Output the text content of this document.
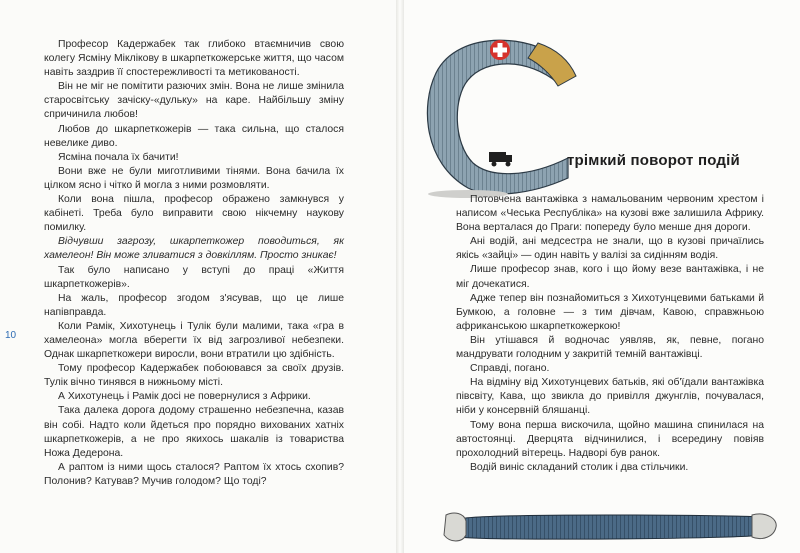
10

Професор Кадержабек так глибоко втаємничив свою колегу Ясміну Міклікову в шкарпеткожерське життя, що часом навіть заздрив її спостережливості та метикованості.

Він не міг не помітити разючих змін. Вона не лише змінила старосвітську зачіску-«дульку» на каре. Найбільшу зміну спричинила любов!

Любов до шкарпеткожерів — така сильна, що сталося невелике диво.

Ясміна почала їх бачити!

Вони вже не були миготливими тінями. Вона бачила їх цілком ясно і чітко й могла з ними розмовляти.

Коли вона пішла, професор ображено замкнувся у кабінеті. Треба було виправити свою нікчемну наукову помилку.

Відчувши загрозу, шкарпеткожер поводиться, як хамелеон! Він може зливатися з довкіллям. Просто зникає!

Так було написано у вступі до праці «Життя шкарпеткожерів».

На жаль, професор згодом з'ясував, що це лише напівправда.

Коли Рамік, Хихотунець і Тулік були малими, така «гра в хамелеона» могла вберегти їх від загрозливої небезпеки. Однак шкарпеткожери виросли, вони втратили цю здібність.

Тому професор Кадержабек побоювався за своїх друзів. Тулік вічно тинявся в нижньому місті.

А Хихотунець і Рамік досі не повернулися з Африки.

Така далека дорога додому страшенно небезпечна, казав він собі. Надто коли йдеться про порядно вихованих хатніх шкарпеткожерів, а не про якихось шакалів із товариства Ножа Дедерона.

А раптом із ними щось сталося? Раптом їх хтось схопив? Полонив? Катував? Мучив голодом? Що тоді?

трімкий поворот подій

Потовчена вантажівка з намальованим червоним хрестом і написом «Чеська Республіка» на кузові вже залишила Африку. Вона верталася до Праги: попереду було менше дня дороги.

Ані водій, ані медсестра не знали, що в кузові причаїлись якісь «зайці» — один навіть у валізі за сидінням водія.

Лише професор знав, кого і що йому везе вантажівка, і не міг дочекатися.

Адже тепер він познайомиться з Хихотунцевими батьками й Бумкою, а головне — з тим дівчам, Кавою, справжньою африканською шкарпеткожеркою!

Він утішався й водночас уявляв, як, певне, погано мандрувати голодним у закритій темній вантажівці.

Справді, погано.

На відміну від Хихотунцевих батьків, які об'їдали вантажівка півсвіту, Кава, що звикла до привілля джунглів, почувалася, ніби у консервній бляшанці.

Тому вона перша вискочила, щойно машина спинилася на автостоянці. Дверцята відчинилися, і всередину повіяв прохолодний вітерець. Надворі був ранок.

Водій виніс складаний столик і два стільчики.
